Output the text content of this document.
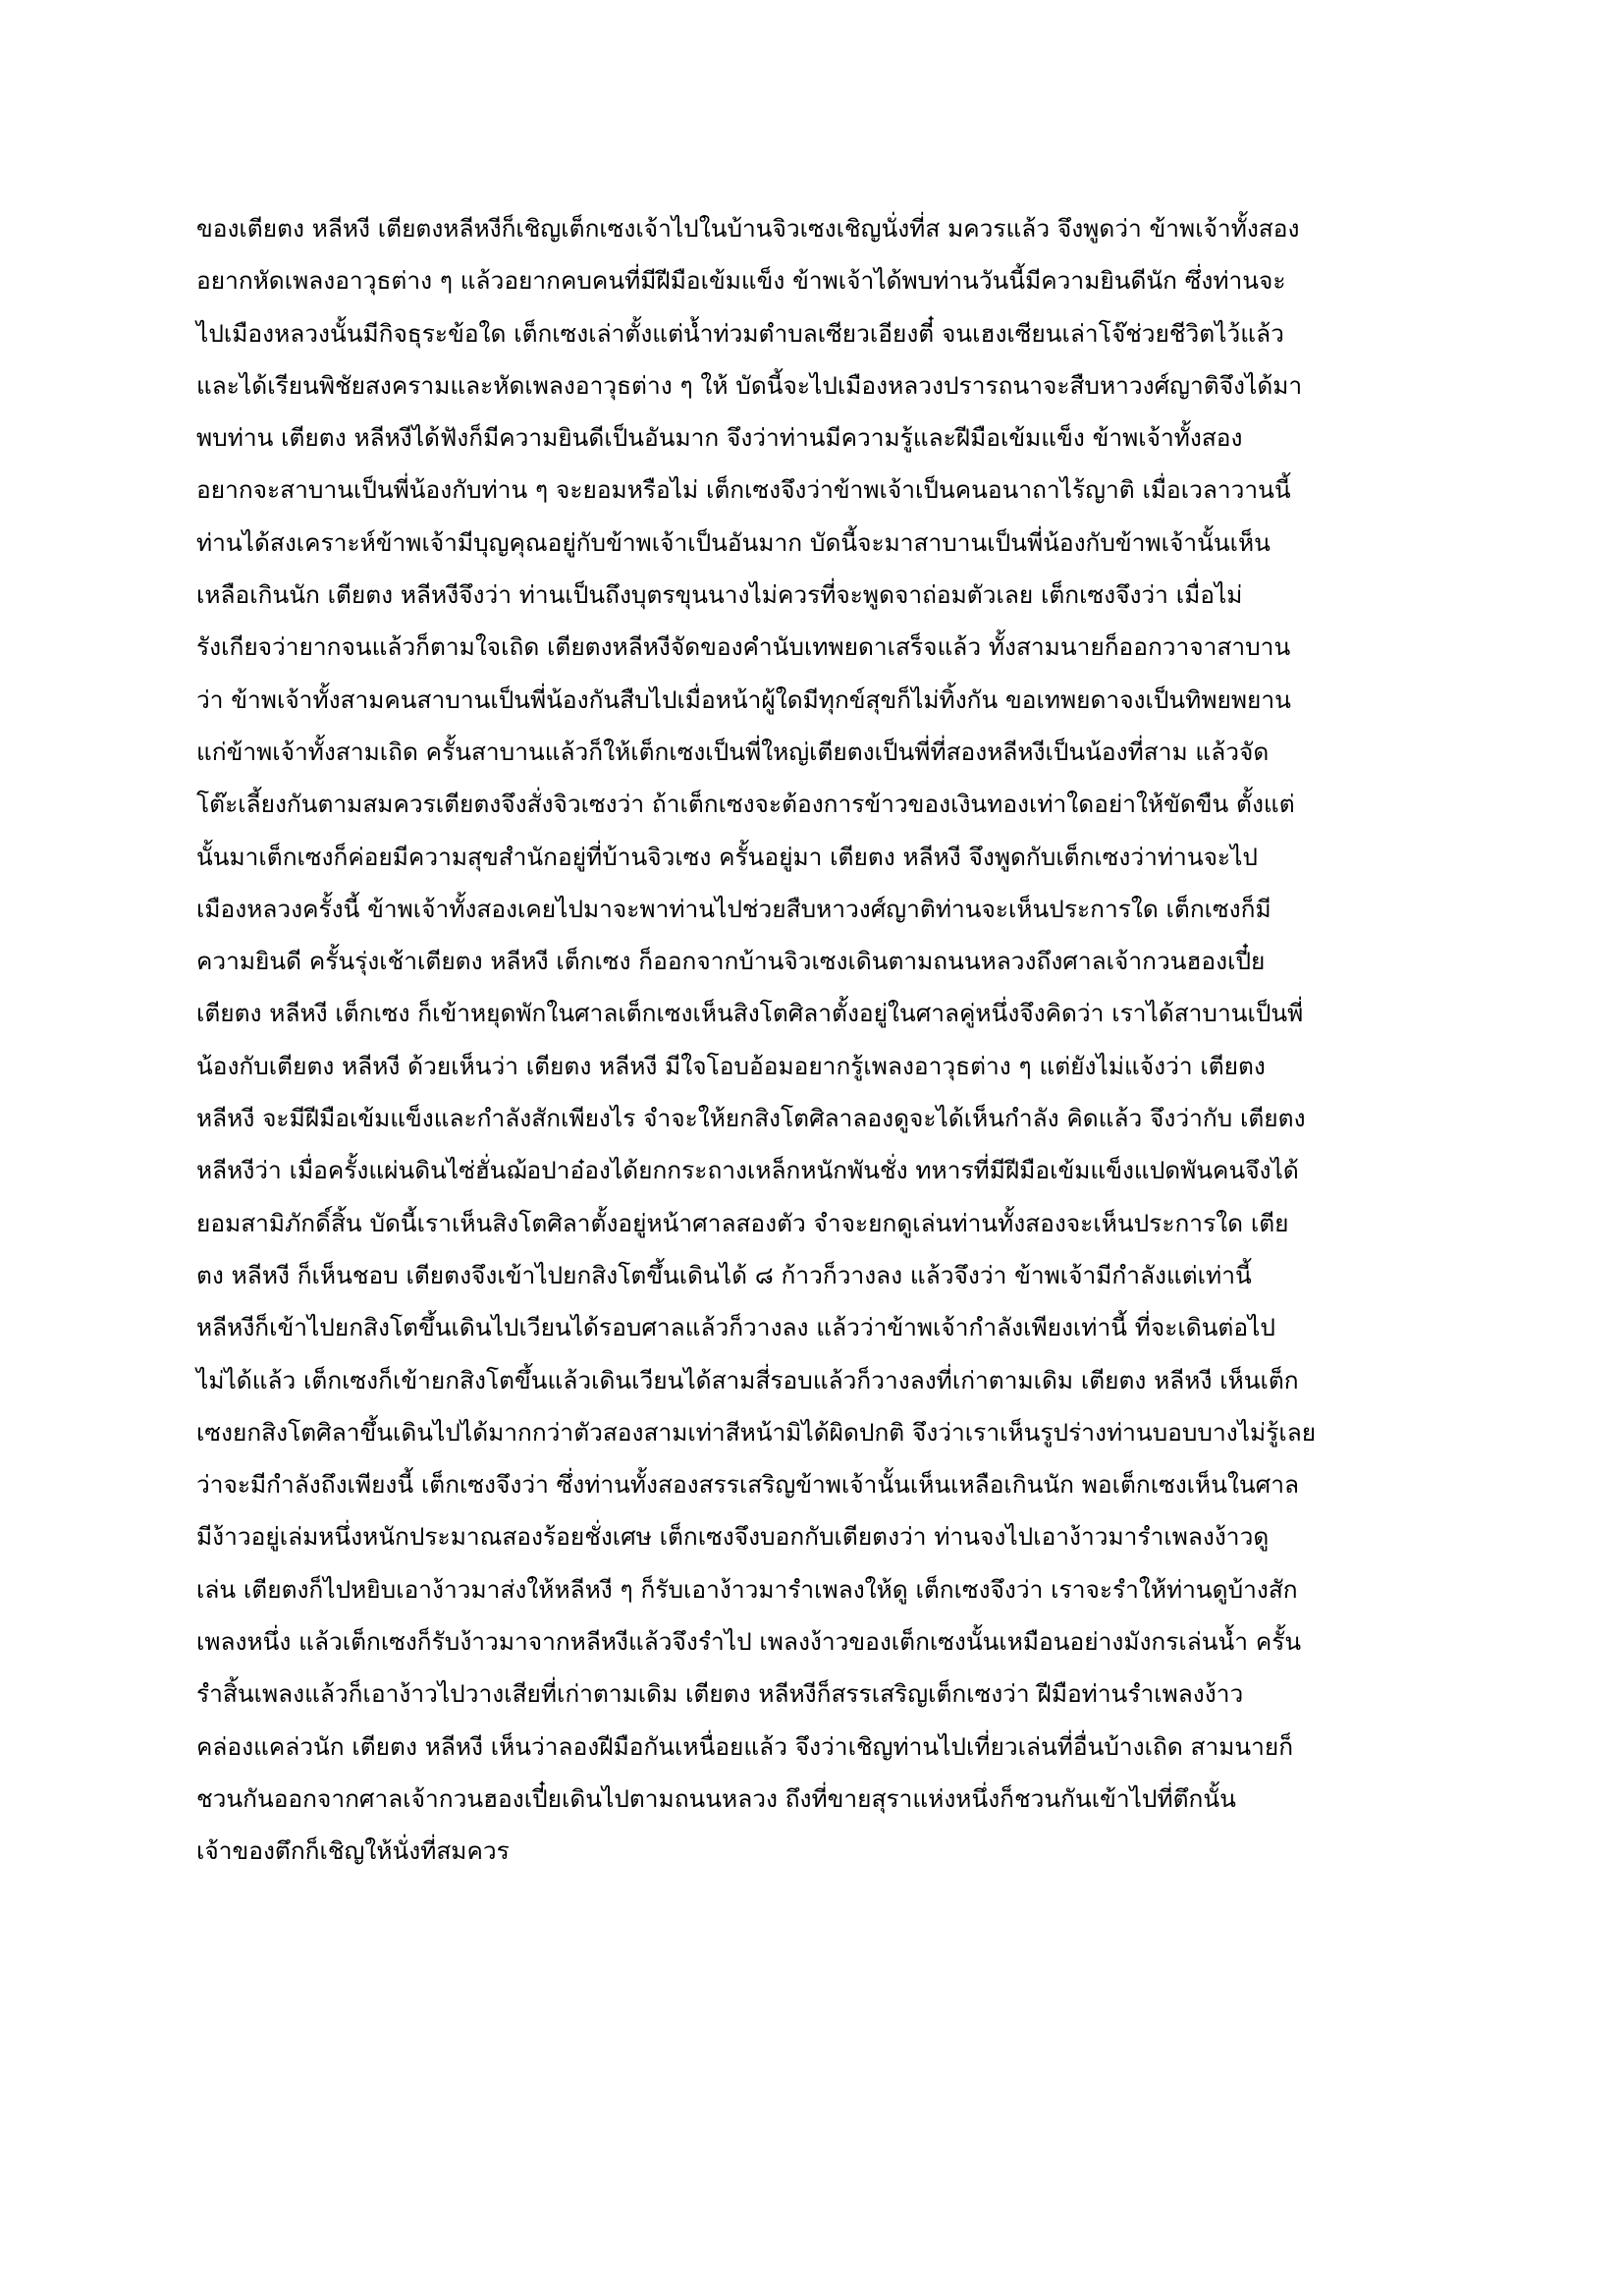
ของเตียตง หลีหงี เตียตงหลีหงีก็เชิญเต็กเซงเจ้าไปในบ้านจิวเซงเชิญนั่งที่ส มควรแล้ว จึงพูดว่า ข้าพเจ้าทั้งสอง
อยากหัดเพลงอาวุธต่าง ๆ แล้วอยากคบคนที่มีฝีมือเข้มแข็ง ข้าพเจ้าได้พบท่านวันนี้มีความยินดีนัก ซึ่งท่านจะ
ไปเมืองหลวงนั้นมีกิจธุระข้อใด เต็กเซงเล่าตั้งแต่น้ำท่วมตำบลเซียวเอียงตี๋ จนเฮงเซียนเล่าโจ๊ช่วยชีวิตไว้แล้ว
และได้เรียนพิชัยสงครามและหัดเพลงอาวุธต่าง ๆ ให้ บัดนี้จะไปเมืองหลวงปรารถนาจะสืบหาวงศ์ญาติจึงได้มา
พบท่าน เตียตง หลีหงีได้ฟังก็มีความยินดีเป็นอันมาก จึงว่าท่านมีความรู้และฝีมือเข้มแข็ง ข้าพเจ้าทั้งสอง
อยากจะสาบานเป็นพี่น้องกับท่าน ๆ จะยอมหรือไม่ เต็กเซงจึงว่าข้าพเจ้าเป็นคนอนาถาไร้ญาติ เมื่อเวลาวานนี้
ท่านได้สงเคราะห์ข้าพเจ้ามีบุญคุณอยู่กับข้าพเจ้าเป็นอันมาก บัดนี้จะมาสาบานเป็นพี่น้องกับข้าพเจ้านั้นเห็น
เหลือเกินนัก เตียตง หลีหงีจึงว่า ท่านเป็นถึงบุตรขุนนางไม่ควรที่จะพูดจาถ่อมตัวเลย เต็กเซงจึงว่า เมื่อไม่
รังเกียจว่ายากจนแล้วก็ตามใจเถิด เตียตงหลีหงีจัดของคำนับเทพยดาเสร็จแล้ว ทั้งสามนายก็ออกวาจาสาบาน
ว่า ข้าพเจ้าทั้งสามคนสาบานเป็นพี่น้องกันสืบไปเมื่อหน้าผู้ใดมีทุกข์สุขก็ไม่ทิ้งกัน ขอเทพยดาจงเป็นทิพยพยาน
แก่ข้าพเจ้าทั้งสามเถิด ครั้นสาบานแล้วก็ให้เต็กเซงเป็นพี่ใหญ่เตียตงเป็นพี่ที่สองหลีหงีเป็นน้องที่สาม แล้วจัด
โต๊ะเลี้ยงกันตามสมควรเตียตงจึงสั่งจิวเซงว่า ถ้าเต็กเซงจะต้องการข้าวของเงินทองเท่าใดอย่าให้ขัดขืน ตั้งแต่
นั้นมาเต็กเซงก็ค่อยมีความสุขสำนักอยู่ที่บ้านจิวเซง ครั้นอยู่มา เตียตง หลีหงี จึงพูดกับเต็กเซงว่าท่านจะไป
เมืองหลวงครั้งนี้ ข้าพเจ้าทั้งสองเคยไปมาจะพาท่านไปช่วยสืบหาวงศ์ญาติท่านจะเห็นประการใด เต็กเซงก็มี
ความยินดี ครั้นรุ่งเช้าเตียตง หลีหงี เต็กเซง ก็ออกจากบ้านจิวเซงเดินตามถนนหลวงถึงศาลเจ้ากวนฮองเปี๋ย
เตียตง หลีหงี เต็กเซง ก็เข้าหยุดพักในศาลเต็กเซงเห็นสิงโตศิลาตั้งอยู่ในศาลคู่หนึ่งจึงคิดว่า เราได้สาบานเป็นพี่
น้องกับเตียตง หลีหงี ด้วยเห็นว่า เตียตง หลีหงี มีใจโอบอ้อมอยากรู้เพลงอาวุธต่าง ๆ แต่ยังไม่แจ้งว่า เตียตง
หลีหงี จะมีฝีมือเข้มแข็งและกำลังสักเพียงไร จำจะให้ยกสิงโตศิลาลองดูจะได้เห็นกำลัง คิดแล้ว จึงว่ากับ เตียตง
หลีหงีว่า เมื่อครั้งแผ่นดินไซ่ฮั่นฌ้อปาอ๋องได้ยกกระถางเหล็กหนักพันชั่ง ทหารที่มีฝีมือเข้มแข็งแปดพันคนจึงได้
ยอมสามิภักดิ์สิ้น บัดนี้เราเห็นสิงโตศิลาตั้งอยู่หน้าศาลสองตัว จำจะยกดูเล่นท่านทั้งสองจะเห็นประการใด เตีย
ตง หลีหงี ก็เห็นชอบ เตียตงจึงเข้าไปยกสิงโตขึ้นเดินได้ ๘ ก้าวก็วางลง แล้วจึงว่า ข้าพเจ้ามีกำลังแต่เท่านี้
หลีหงีก็เข้าไปยกสิงโตขึ้นเดินไปเวียนได้รอบศาลแล้วก็วางลง แล้วว่าข้าพเจ้ากำลังเพียงเท่านี้ ที่จะเดินต่อไป
ไม่ได้แล้ว เต็กเซงก็เข้ายกสิงโตขึ้นแล้วเดินเวียนได้สามสี่รอบแล้วก็วางลงที่เก่าตามเดิม เตียตง หลีหงี เห็นเต็ก
เซงยกสิงโตศิลาขึ้นเดินไปได้มากกว่าตัวสองสามเท่าสีหน้ามิได้ผิดปกติ จึงว่าเราเห็นรูปร่างท่านบอบบางไม่รู้เลย
ว่าจะมีกำลังถึงเพียงนี้ เต็กเซงจึงว่า ซึ่งท่านทั้งสองสรรเสริญข้าพเจ้านั้นเห็นเหลือเกินนัก พอเต็กเซงเห็นในศาล
มีง้าวอยู่เล่มหนึ่งหนักประมาณสองร้อยชั่งเศษ เต็กเซงจึงบอกกับเตียตงว่า ท่านจงไปเอาง้าวมารำเพลงง้าวดู
เล่น เตียตงก็ไปหยิบเอาง้าวมาส่งให้หลีหงี ๆ ก็รับเอาง้าวมารำเพลงให้ดู เต็กเซงจึงว่า เราจะรำให้ท่านดูบ้างสัก
เพลงหนึ่ง แล้วเต็กเซงก็รับง้าวมาจากหลีหงีแล้วจึงรำไป เพลงง้าวของเต็กเซงนั้นเหมือนอย่างมังกรเล่นน้ำ ครั้น
รำสิ้นเพลงแล้วก็เอาง้าวไปวางเสียที่เก่าตามเดิม เตียตง หลีหงีก็สรรเสริญเต็กเซงว่า ฝีมือท่านรำเพลงง้าว
คล่องแคล่วนัก เตียตง หลีหงี เห็นว่าลองฝีมือกันเหนื่อยแล้ว จึงว่าเชิญท่านไปเที่ยวเล่นที่อื่นบ้างเถิด สามนายก็
ชวนกันออกจากศาลเจ้ากวนฮองเปี๋ยเดินไปตามถนนหลวง ถึงที่ขายสุราแห่งหนึ่งก็ชวนกันเข้าไปที่ตึกนั้น
เจ้าของตึกก็เชิญให้นั่งที่สมควร
